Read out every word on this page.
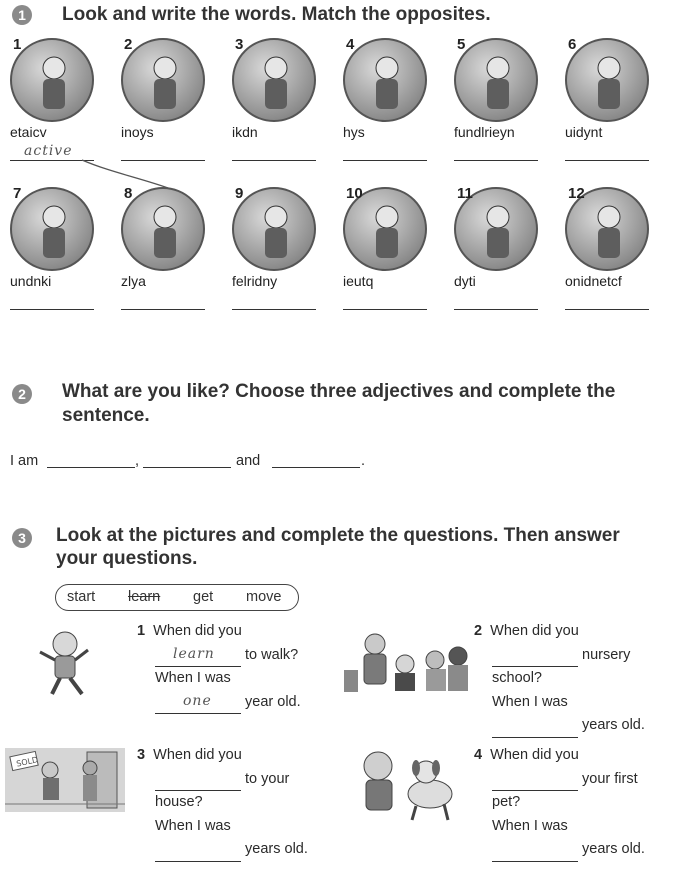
1	Look and write the words. Match the opposites.
1
etaicv
active
2
inoys
3
ikdn
4
hys
5
fundlrieyn
6
uidynt
7
undnki
8
zlya
9
felridny
10
ieutq
11
dyti
12
onidnetcf
2	What are you like? Choose three adjectives and complete the
sentence.
I am	,	and	.
3	Look at the pictures and complete the questions. Then answer
your questions.
start learn get move
SOLD
1 When did you
learn to walk?
When I was
one year old.
2 When did you
nursery
school?
When I was
years old.
3 When did you
to your
house?
When I was
years old.
4 When did you
your first
pet?
When I was
years old.
